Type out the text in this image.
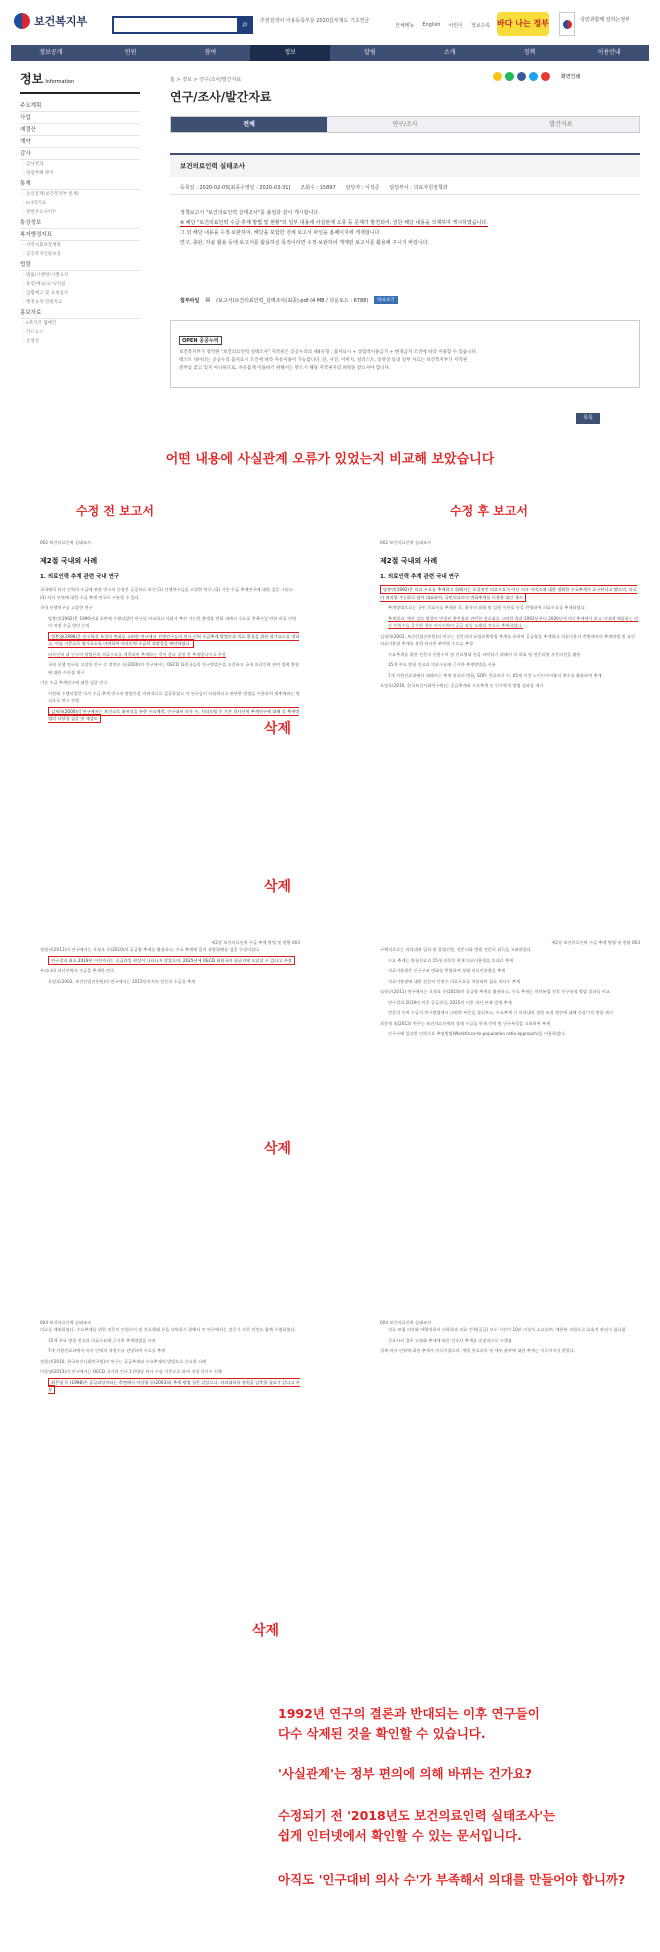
보건복지부	⌕	추천검색어 이용등록부문 2020갑부제도 기초연금
전체메뉴 English 어린이 정보수록 바다 나는 정부	국민과함께 일하는정부
정보공개	민원	참여	정보	알림	소개	정책	이용안내
정보 Information
주요계획
사업
예결산
계약
감사
- 감사결과
- 청렴부패 방지
통계
- 승인통계(보건복지부 통계)
- e나라지표
- 관련주요사이트
통상정보
복지행정지표
- 지역사회보장계획
- 공공복지인당보장
법령
- 법률/시행령/시행규칙
- 훈령/예규/고시/지침
- 입법예고 및 규제심사
- 행정규칙·민원자료
홍보자료
- e복지본 웹매진
- 카드뉴스
- 동영상
홈 > 정보 > 연구/조사/발간자료	화면인쇄
연구/조사/발간자료
전체	연구/조사	발간자료
보건의료인력 실태조사
등록일 : 2020-02-05[최종수정일 : 2020-03-31] 조회수 : 15897 담당자 : 이석준 담당부서 : 의료자원정책과

정책보고서 "보건의료인력 실태조사"를 붙임과 같이 게시합니다.

※ 해당 "보건의료인력 수급 추계 방법 및 현황"의 일부 내용에 사실관계 오류 등 문제가 발견되어, 일단 해당 내용을 삭제하여 게시하였습니다.

그 외 해당 내용을 수정·보완하여, 해당을 포함한 전체 보고서 파일을 홈페이지에 게재합니다.

연구, 출판, 자솔 활용 등에 보고서를 활용하실 목적이라면 수정·보완하여 게재된 보고서를 활용해 주시기 바랍니다.

첨부파일 ▤ (보고서)보건의료인력_실태조사(최종).pdf (4 MB / 다운로드 : 6788)	바로보기
OPEN 공공누리

보건복지부가 창작한 "보건의료인력 실태조사" 저작물은 공공누리의 제4유형 : 출처표시 + 상업적이용금지 + 변경금지 조건에 따라 이용할 수 있습니다.

텍스트 데이터는 공공누리 출처표시 조건에 따라 자유이용이 가능합니다. 단, 사진, 이미지, 일러스트, 동영상 등의 일부 자료는 보건복지부가 저작권

전부를 갖고 있지 아니하므로, 자유롭게 이용하기 위해서는 반드시 해당 저작권자의 허락을 받으셔야 합니다.

목록
어떤 내용에 사실관계 오류가 있었는지 비교해 보았습니다
수정 전 보고서	수정 후 보고서

002 보건의료인력 실태조사

제2절 국내외 사례

1. 의료인력 추계 관련 국내 연구

국내에서 의사 인력의 수급에 관한 연구의 등장은 공공의료 보건 (1) 선행연구들을 고찰한 연구, (2) 기존 수급 추계연구에 대한 검증 그리고 (3) 의사 인력에 대한 수급 추계 연구로 구분할 수 있다.

국내 선행연구를 고찰한 연구

양봉민(1992)은 1990년대 초반에 수행되었던 연구를 비교하고 사회가 추산 가능한 출생률 변화 내에서 수요를 충족시킬 만한 의료 인력의 적정 수급 방안 논의

정봉엽(1998)은 인구학적 특성의 변화를 고려한 연구에서 선행연구들의 의사 인력 수급추계 방법론과 의료 환경을 위한 평가요소를 정하고, 이를 기준으로 평가요소를 마련하여 의사인력 수급의 적정성을 판단하였다.

의사인력 대 인구의 방법론의 의료수요를 계측하여 추계하는 것이 좋다 결정 한 추계방식이고 주장

국외 선행 연구를 고찰한 연구 중 정봉모 등(2000)의 연구에서는 OECD 회원국들의 연구방법론을 고찰하고 국내 의료인력 관련 정책 방향에 대한 시사점 제시

기존 수급 추계연구에 대한 검증 연구

이전에 수행되었던 의사 수급 추계 연구의 방법론을 비판적으로 검증하였고 이 연구들이 타당하다고 판단한 방법을 이용하여 재추계하는 방식으로 연구 진행

김재희(2000)의 연구에서는 보건소득 최귀식을 통한 수요예측, 인구대비 의사 수, 지리모델 등 기존 의사인력 추계연구에 대해 각 추계방법의 타당성 검증 및 재검토

삭제
삭제

제2장 보건의료인력 수급 추계 방법 및 현황 003

정형선(2011)의 연구에서는 오영호 등(2010)의 공급량 추계를 활용하고, 수요 추계에 있어 유방위해를 검증 구성되었다.

연구결과 최소 2019년 이전까지는 공급과잉 현상이 나타나지 않았으며, 2025년에 OECD 회원국의 평균치에 도달할 수 있다고 주장

우리나라 의사인력의 수급을 추계한 연구

오영호(2002, 보건산업진흥원)의 연구에서는 2015년까지의 전문의 수급을 추계

삭제

004 보건의료인력 실태조사

의료를 제외하였다. 수요추계를 위한 전문의 인원수의 및 진료행태 등을 파악하기 위해서 이 연구에서는 전문가 자문 의견도 함께 수렴하였다.

15개 주요 방청 전료과 의료수요에 근거한 추계방법을 사용

7개 지원진료과에서 의사 인력의 적정수를 전망하여 수요를 추계

정형선(2010, 한국보건사회연구원)의 연구는 공급추계와 수요추계의 방법으로 중요한 사례

이상영(2013)의 연구에서는 OECD 국가의 인구 1천명당 의사 수를 기준으로 하여 적정 의사수 산출

최은영 등 (1998)은 공급과잉이라는 측면에서 이상영 등(2003)과 추계 방법 성은 같았으나, 의과대학의 정원을 감축할 필요가 있다고 주장

삭제

002 보건의료인력 실태조사

제2절 국내외 사례

1. 의료인력 추계 관련 국내 연구

양봉민(1992)은 의료 수요를 추계하기 위해서는 포괄적인 의료수요가 아닌 의사 서비스에 대한 정확한 수요추계가 요구된다고 했으며, 의료의 재적량 가능하다 함이 대표하여, 국민의료비의 변화추세를 이용한 대안 제시

추계방법으로는 국민 의료비를 추계한 후, 환자의 외래 및 입원 이용률 등을 반영하여 의료수요를 추계하였다.

추계결과, 예산 검토 방향이 반영된 출연율과 관련한 전료화를 고려한 결과 1992년부터 2000년까지의 추계에서 보고 이내에 해당하는 연간 인원수를 증가한 경우 의사인력이 공급 과잉 도래할 것으로 추계하였다.

김재희(2002, 보건산업진흥원)의 연구는 전문의의 유입유출방법 추계를 통하여 공급량을 추계하고 의료이용자 측면에서의 추계방법 및 요인 의료이용량 추계를 통한 유사한 분야별 수요를 추정

수요추계를 위한 전문의 인원수의 및 진료행태 등을 파악하기 위해서 각 학회 및 전문과별 자문의견을 활용

15개 주요 방청 진료과 의료수요에 근거한 추계방법을 사용

7개 지원진료과에서 대해서는 추계 의료비 변화, GDP, 진료의사 수, 65세 이상 노인인구비율의 변수를 활용하여 추계

오영호(2010, 한국보건사회연구원)는 공급추계와 수요추계 등 인구학적 방법 결과를 제시

제2장 보건의료인력 수급 추계 방법 및 현황 003

구체적으로는 의과대학 입학 및 졸업인원, 전문의화 방법 전문의 취득을 고려하였다.

수요 추계는 방청진료과 15개 과목의 현재 의료이용량을 토대로 추계

의료이용량은 인구구조 변화를 반영하여 장래 의료이용량을 추계

의료이용량에 대한 전문의 인원수 의료수요를 적용하여 필요 의사수 추계

임형순(2011) 연구에서는 오영호 등(2010)의 공급량 추계를 활용하고, 수요 추계는 의약분업 전후 인구학적 방법 결과를 비교

연구결과 2019년 이후 공급과잉, 2025년 이후 의사 부족 발생 추계

전문의 인력 수급의 연구방법에서 다양한 부문을 살펴보고, 수요추계 시 의과대학 정원 조정 방안에 대해 중장기적 방향 제시

최준혁 외(2012) 연구는 보건의료인력의 장래 수급을 현재 인력 및 인구특성을 고려하여 추계

인구수에 입각한 인력수요 추정방법(Workforce-to-population ratio approach)을 이용하였다.

004 보건의료인력 실태조사

의료 보험 의사와 바람직하지 의학학과 의료 인력(공급) 모두 시간이 10년 이상이 소요되며, 제한된 자원으로 효율적 관리가 필요함

간호사의 경우 고령화 추세에 따른 간호사 추계를 중점적으로 수행함

경제 의사 인력에 대한 추계가 이루어졌으며, 개별 진료과목 및 세부 분야에 대한 추계는 이루어지지 않았다.

1992년 연구의 결론과 반대되는 이후 연구들이

다수 삭제된 것을 확인할 수 있습니다.

'사실관계'는 정부 편의에 의해 바뀌는 건가요?

수정되기 전 '2018년도 보건의료인력 실태조사'는

쉽게 인터넷에서 확인할 수 있는 문서입니다.

아직도 '인구대비 의사 수'가 부족해서 의대를 만들어야 합니까?
